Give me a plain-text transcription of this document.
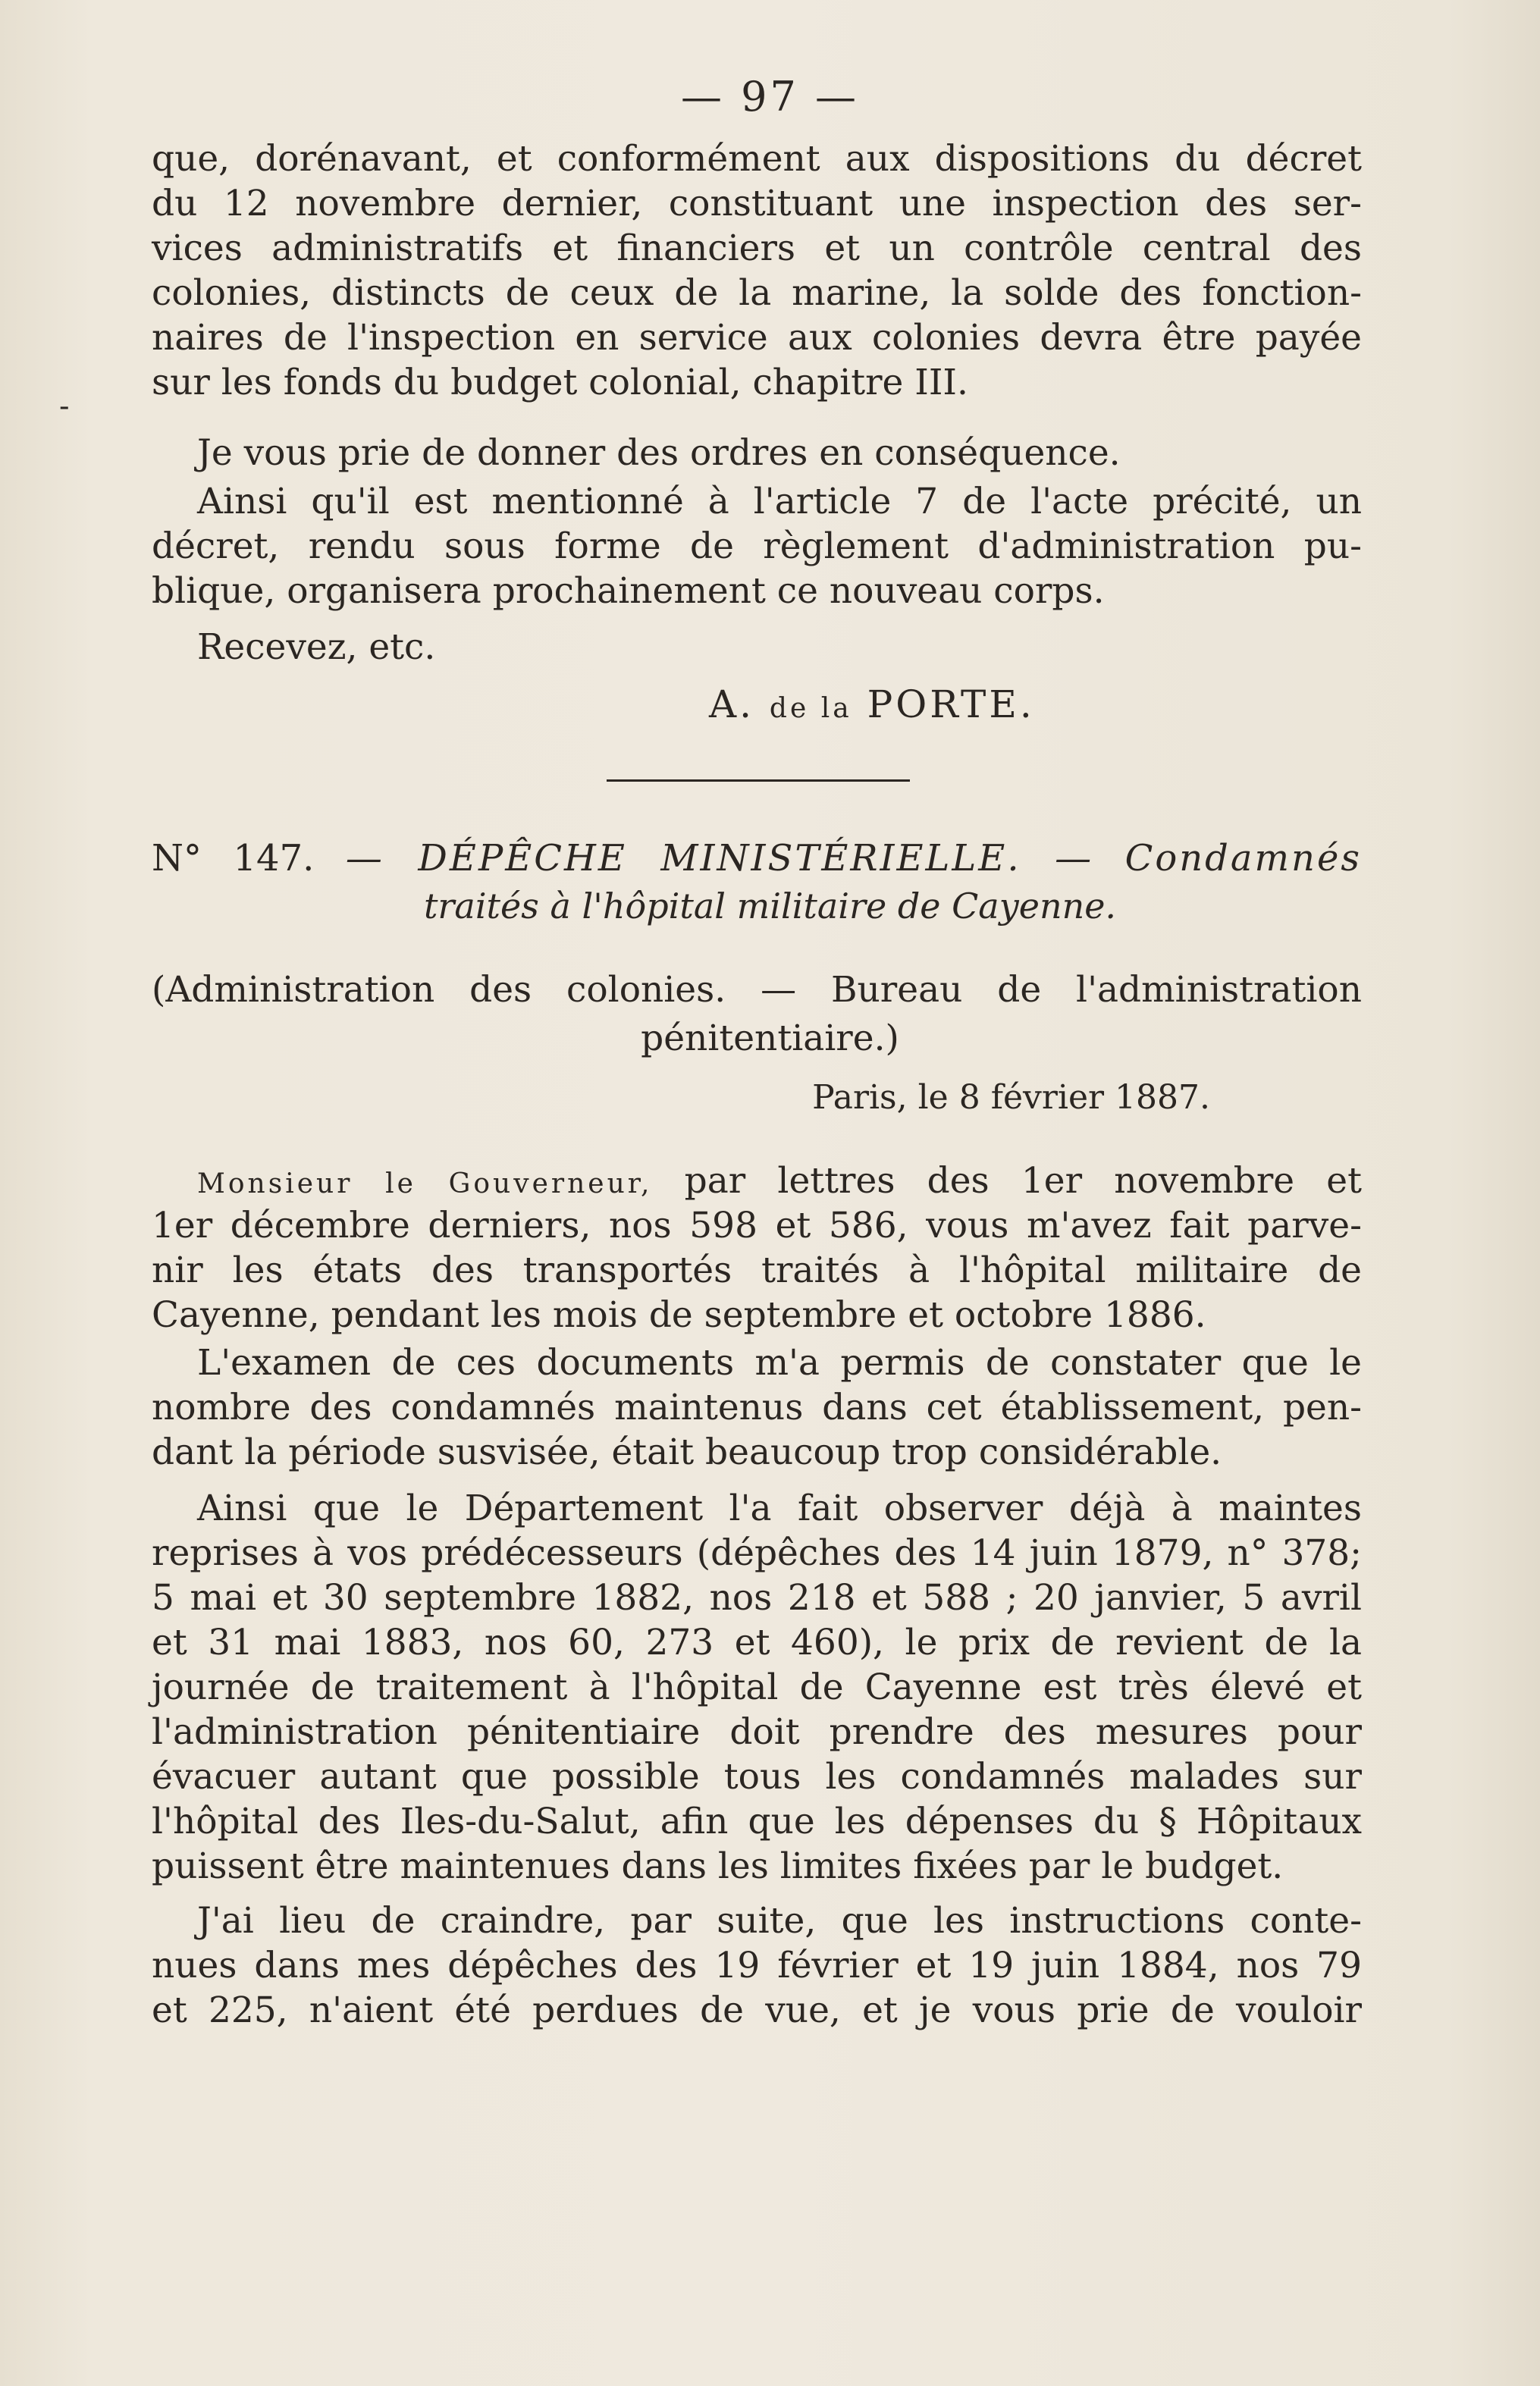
— 97 —
-
que, dorénavant, et conformément aux dispositions du décret
du 12 novembre dernier, constituant une inspection des ser-
vices administratifs et financiers et un contrôle central des
colonies, distincts de ceux de la marine, la solde des fonction-
naires de l'inspection en service aux colonies devra être payée
sur les fonds du budget colonial, chapitre III.
Je vous prie de donner des ordres en conséquence.
Ainsi qu'il est mentionné à l'article 7 de l'acte précité, un
décret, rendu sous forme de règlement d'administration pu-
blique, organisera prochainement ce nouveau corps.
Recevez, etc.
A. de la PORTE.
N° 147. — DÉPÊCHE MINISTÉRIELLE. — Condamnés
traités à l'hôpital militaire de Cayenne.
(Administration des colonies. — Bureau de l'administration
pénitentiaire.)
Paris, le 8 février 1887.
Monsieur le Gouverneur, par lettres des 1er novembre et
1er décembre derniers, nos 598 et 586, vous m'avez fait parve-
nir les états des transportés traités à l'hôpital militaire de
Cayenne, pendant les mois de septembre et octobre 1886.
L'examen de ces documents m'a permis de constater que le
nombre des condamnés maintenus dans cet établissement, pen-
dant la période susvisée, était beaucoup trop considérable.
Ainsi que le Département l'a fait observer déjà à maintes
reprises à vos prédécesseurs (dépêches des 14 juin 1879, n° 378;
5 mai et 30 septembre 1882, nos 218 et 588 ; 20 janvier, 5 avril
et 31 mai 1883, nos 60, 273 et 460), le prix de revient de la
journée de traitement à l'hôpital de Cayenne est très élevé et
l'administration pénitentiaire doit prendre des mesures pour
évacuer autant que possible tous les condamnés malades sur
l'hôpital des Iles-du-Salut, afin que les dépenses du § Hôpitaux
puissent être maintenues dans les limites fixées par le budget.
J'ai lieu de craindre, par suite, que les instructions conte-
nues dans mes dépêches des 19 février et 19 juin 1884, nos 79
et 225, n'aient été perdues de vue, et je vous prie de vouloir
